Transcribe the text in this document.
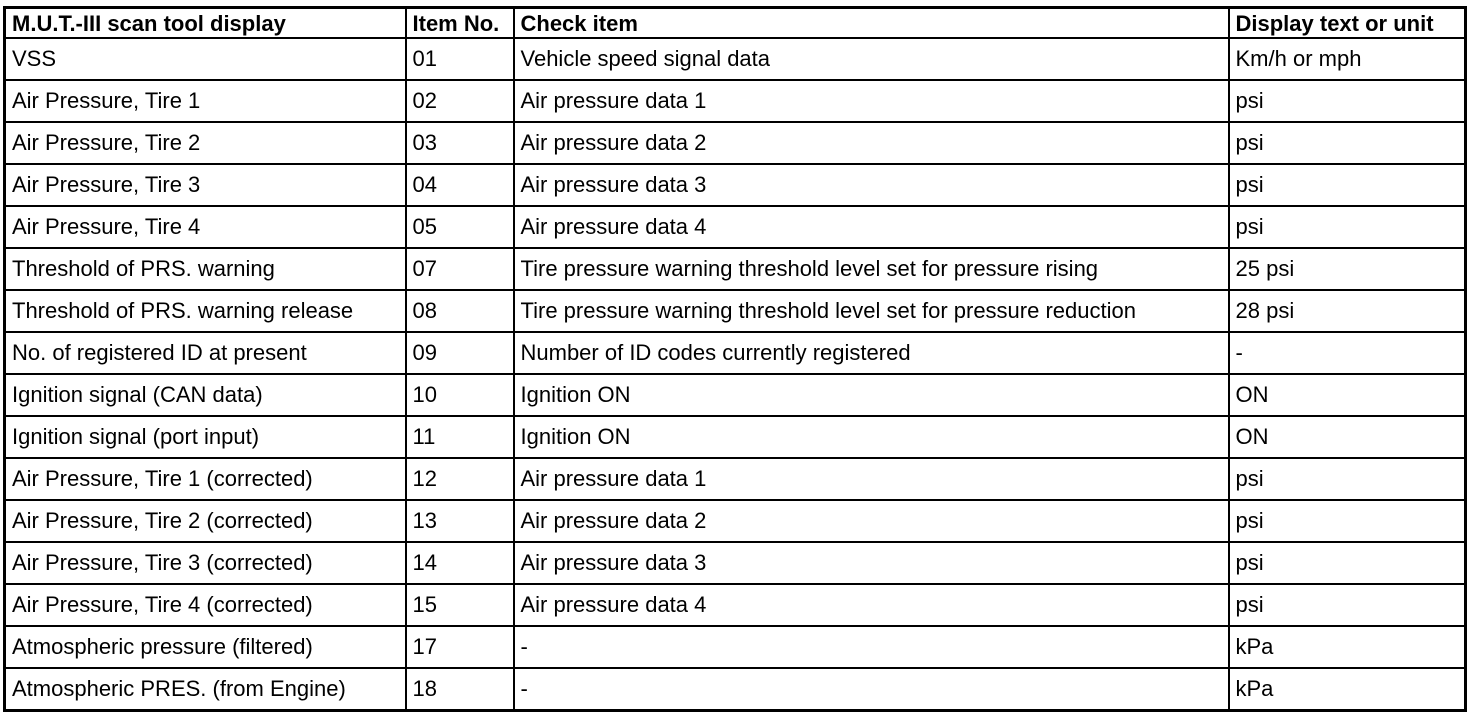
M.U.T.-III scan tool display	Item No.	Check item	Display text or unit
VSS	01	Vehicle speed signal data	Km/h or mph
Air Pressure, Tire 1	02	Air pressure data 1	psi
Air Pressure, Tire 2	03	Air pressure data 2	psi
Air Pressure, Tire 3	04	Air pressure data 3	psi
Air Pressure, Tire 4	05	Air pressure data 4	psi
Threshold of PRS. warning	07	Tire pressure warning threshold level set for pressure rising	25 psi
Threshold of PRS. warning release	08	Tire pressure warning threshold level set for pressure reduction	28 psi
No. of registered ID at present	09	Number of ID codes currently registered	-
Ignition signal (CAN data)	10	Ignition ON	ON
Ignition signal (port input)	11	Ignition ON	ON
Air Pressure, Tire 1 (corrected)	12	Air pressure data 1	psi
Air Pressure, Tire 2 (corrected)	13	Air pressure data 2	psi
Air Pressure, Tire 3 (corrected)	14	Air pressure data 3	psi
Air Pressure, Tire 4 (corrected)	15	Air pressure data 4	psi
Atmospheric pressure (filtered)	17	-	kPa
Atmospheric PRES. (from Engine)	18	-	kPa
